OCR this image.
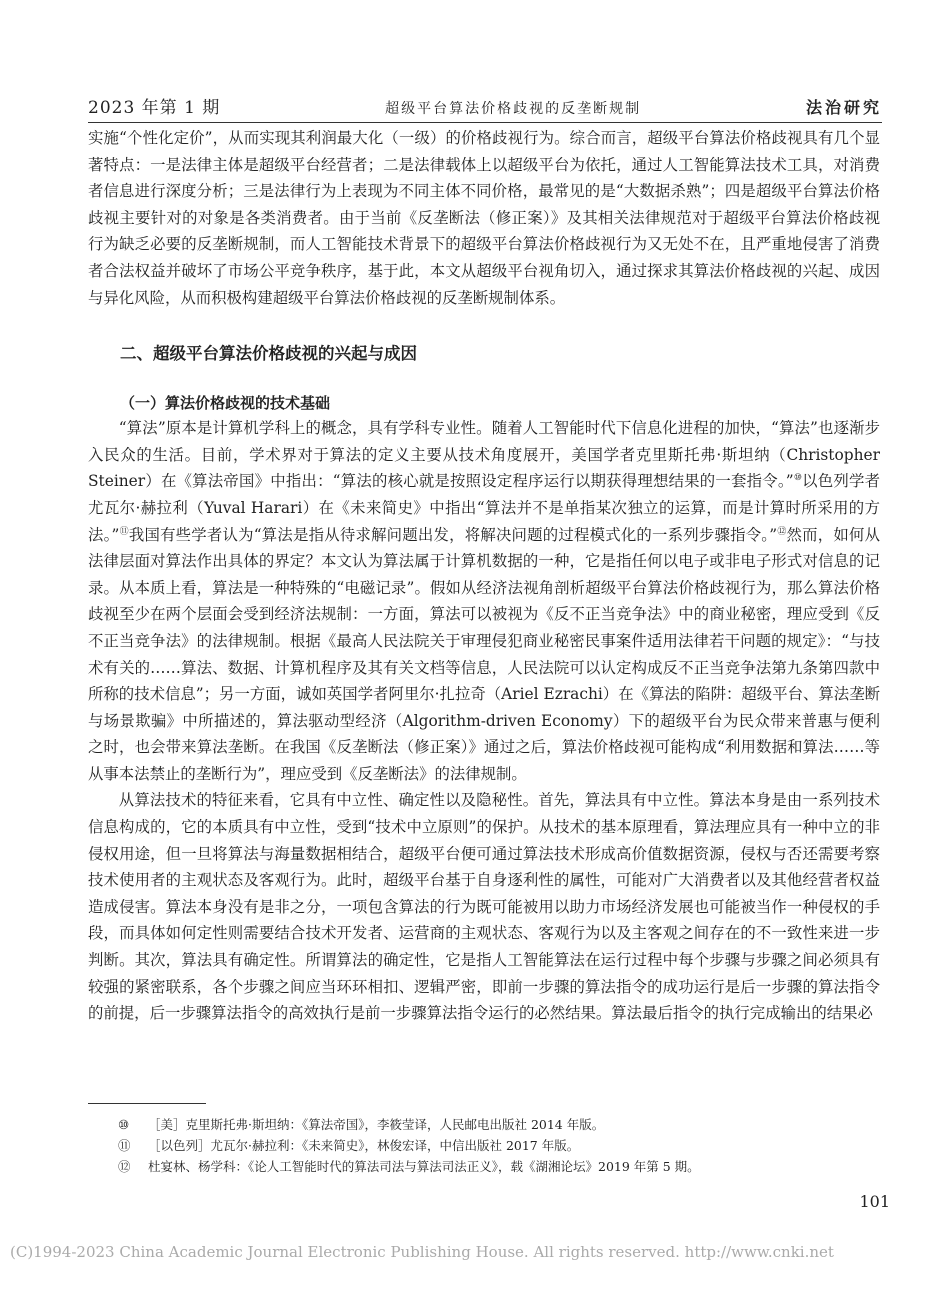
2023 年第 1 期	超级平台算法价格歧视的反垄断规制	法治研究

实施“个性化定价”，从而实现其利润最大化（一级）的价格歧视行为。综合而言，超级平台算法价格歧视具有几个显著特点：一是法律主体是超级平台经营者；二是法律载体上以超级平台为依托，通过人工智能算法技术工具，对消费者信息进行深度分析；三是法律行为上表现为不同主体不同价格，最常见的是“大数据杀熟”；四是超级平台算法价格歧视主要针对的对象是各类消费者。由于当前《反垄断法（修正案）》及其相关法律规范对于超级平台算法价格歧视行为缺乏必要的反垄断规制，而人工智能技术背景下的超级平台算法价格歧视行为又无处不在，且严重地侵害了消费者合法权益并破坏了市场公平竞争秩序，基于此，本文从超级平台视角切入，通过探求其算法价格歧视的兴起、成因与异化风险，从而积极构建超级平台算法价格歧视的反垄断规制体系。

二、超级平台算法价格歧视的兴起与成因
（一）算法价格歧视的技术基础

“算法”原本是计算机学科上的概念，具有学科专业性。随着人工智能时代下信息化进程的加快，“算法”也逐渐步入民众的生活。目前，学术界对于算法的定义主要从技术角度展开，美国学者克里斯托弗·斯坦纳（Christopher Steiner）在《算法帝国》中指出：“算法的核心就是按照设定程序运行以期获得理想结果的一套指令。”⑩以色列学者尤瓦尔·赫拉利（Yuval Harari）在《未来简史》中指出“算法并不是单指某次独立的运算，而是计算时所采用的方法。”⑪我国有些学者认为“算法是指从待求解问题出发，将解决问题的过程模式化的一系列步骤指令。”⑫然而，如何从法律层面对算法作出具体的界定？本文认为算法属于计算机数据的一种，它是指任何以电子或非电子形式对信息的记录。从本质上看，算法是一种特殊的“电磁记录”。假如从经济法视角剖析超级平台算法价格歧视行为，那么算法价格歧视至少在两个层面会受到经济法规制：一方面，算法可以被视为《反不正当竞争法》中的商业秘密，理应受到《反不正当竞争法》的法律规制。根据《最高人民法院关于审理侵犯商业秘密民事案件适用法律若干问题的规定》：“与技术有关的……算法、数据、计算机程序及其有关文档等信息，人民法院可以认定构成反不正当竞争法第九条第四款中所称的技术信息”；另一方面，诚如英国学者阿里尔·扎拉奇（Ariel Ezrachi）在《算法的陷阱：超级平台、算法垄断与场景欺骗》中所描述的，算法驱动型经济（Algorithm-driven Economy）下的超级平台为民众带来普惠与便利之时，也会带来算法垄断。在我国《反垄断法（修正案）》通过之后，算法价格歧视可能构成“利用数据和算法……等从事本法禁止的垄断行为”，理应受到《反垄断法》的法律规制。

从算法技术的特征来看，它具有中立性、确定性以及隐秘性。首先，算法具有中立性。算法本身是由一系列技术信息构成的，它的本质具有中立性，受到“技术中立原则”的保护。从技术的基本原理看，算法理应具有一种中立的非侵权用途，但一旦将算法与海量数据相结合，超级平台便可通过算法技术形成高价值数据资源，侵权与否还需要考察技术使用者的主观状态及客观行为。此时，超级平台基于自身逐利性的属性，可能对广大消费者以及其他经营者权益造成侵害。算法本身没有是非之分，一项包含算法的行为既可能被用以助力市场经济发展也可能被当作一种侵权的手段，而具体如何定性则需要结合技术开发者、运营商的主观状态、客观行为以及主客观之间存在的不一致性来进一步判断。其次，算法具有确定性。所谓算法的确定性，它是指人工智能算法在运行过程中每个步骤与步骤之间必须具有较强的紧密联系，各个步骤之间应当环环相扣、逻辑严密，即前一步骤的算法指令的成功运行是后一步骤的算法指令的前提，后一步骤算法指令的高效执行是前一步骤算法指令运行的必然结果。算法最后指令的执行完成输出的结果必

⑩	［美］克里斯托弗·斯坦纳：《算法帝国》，李筱莹译，人民邮电出版社 2014 年版。
⑪	［以色列］尤瓦尔·赫拉利：《未来简史》，林俊宏译，中信出版社 2017 年版。
⑫	杜宴林、杨学科：《论人工智能时代的算法司法与算法司法正义》，载《湖湘论坛》2019 年第 5 期。
101
(C)1994-2023 China Academic Journal Electronic Publishing House. All rights reserved. http://www.cnki.net
